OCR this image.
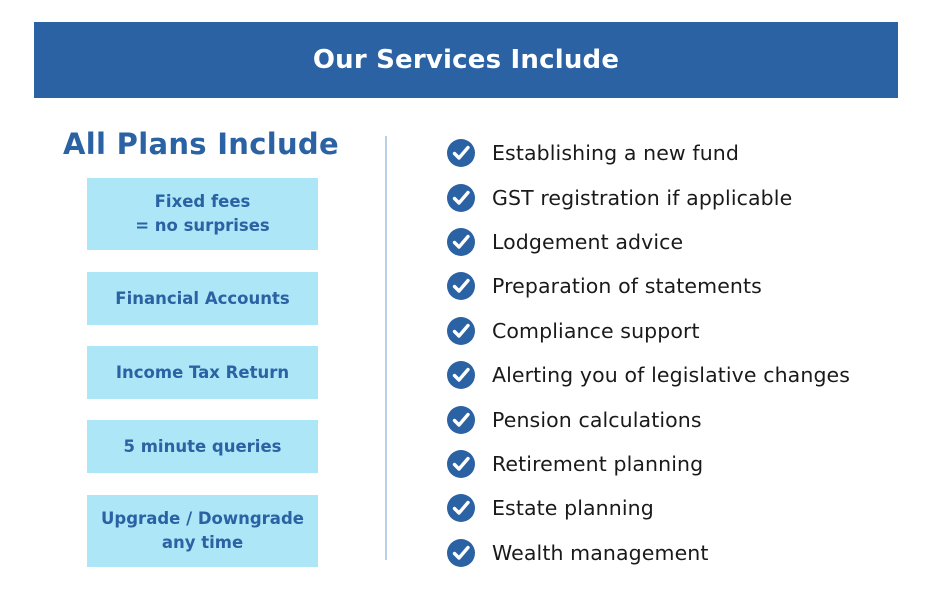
Our Services Include
All Plans Include
Fixed fees
= no surprises
Financial Accounts
Income Tax Return
5 minute queries
Upgrade / Downgrade
any time
Establishing a new fund
GST registration if applicable
Lodgement advice
Preparation of statements
Compliance support
Alerting you of legislative changes
Pension calculations
Retirement planning
Estate planning
Wealth management
